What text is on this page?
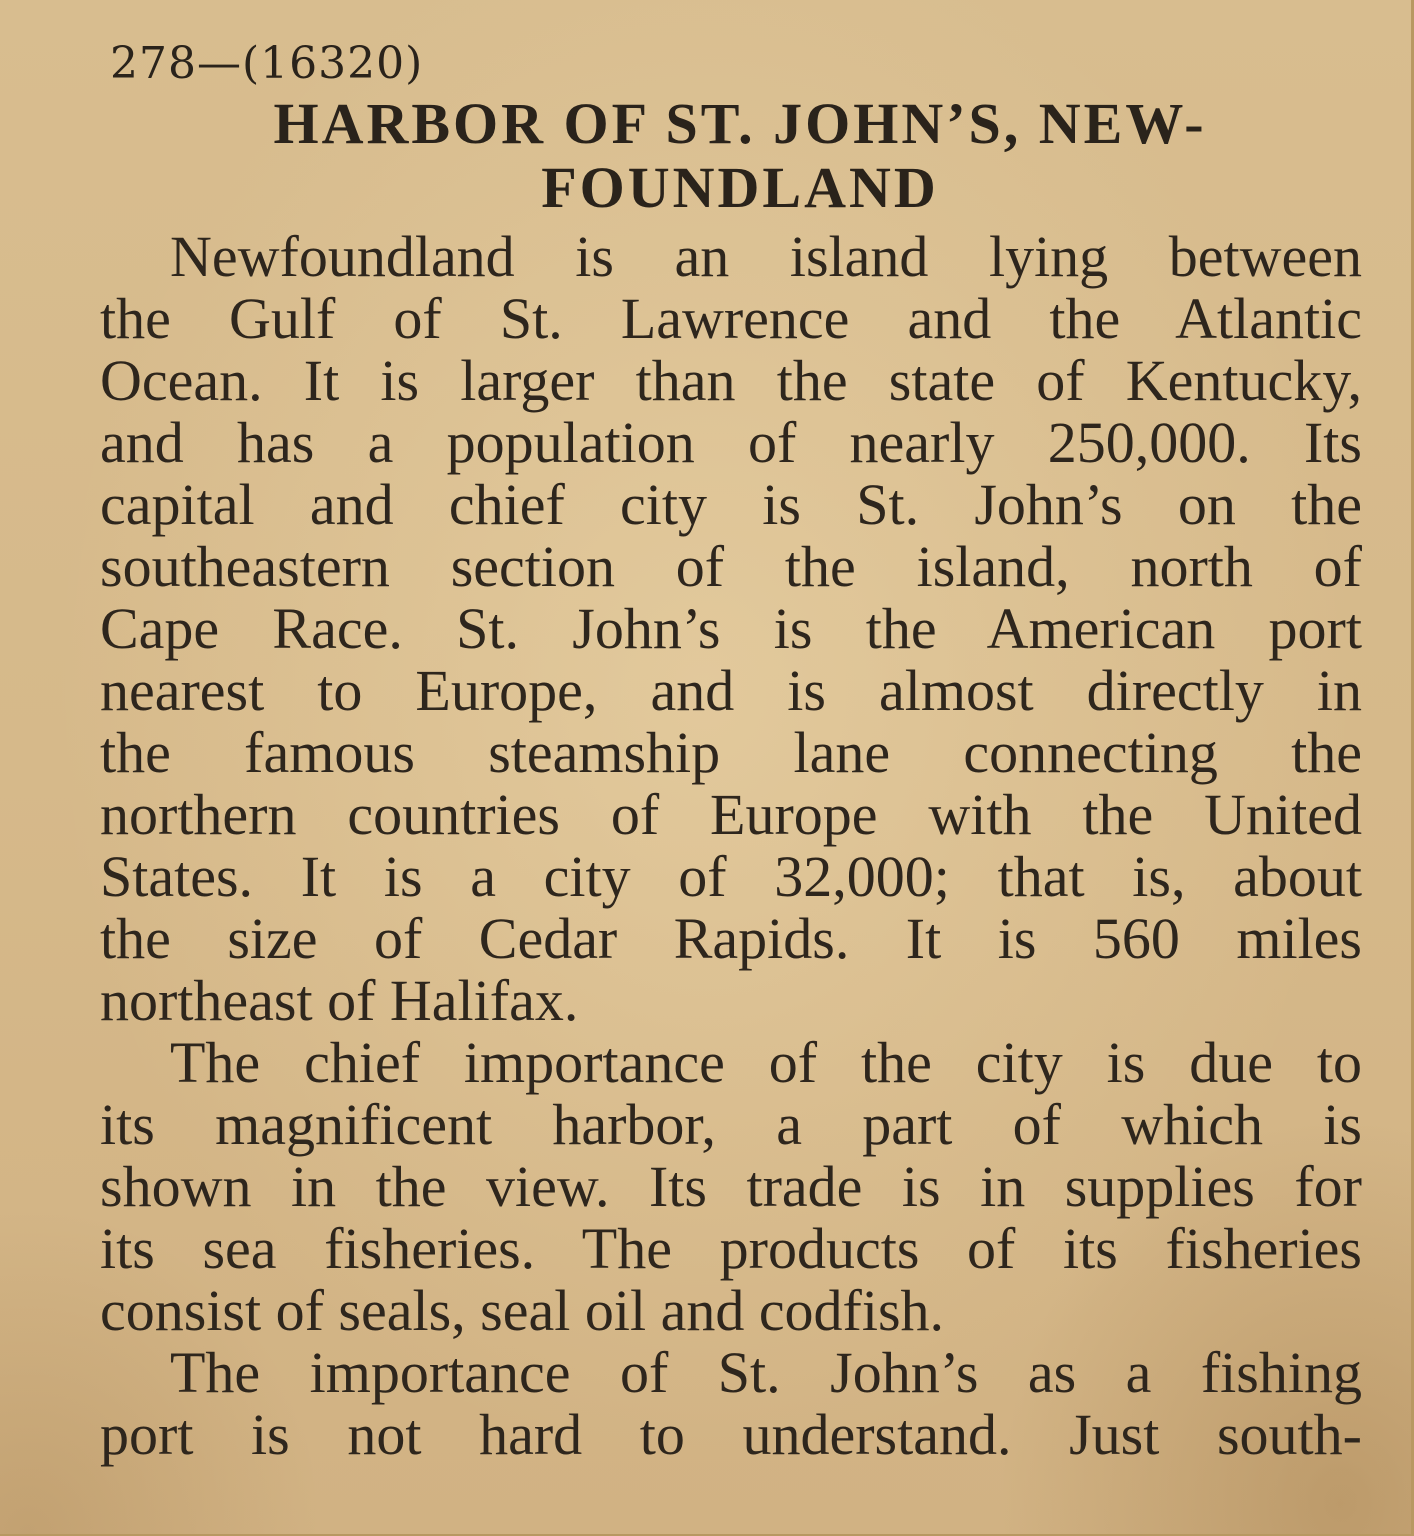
278—(16320)
HARBOR OF ST. JOHN’S, NEW-
FOUNDLAND
Newfoundland is an island lying between
the Gulf of St. Lawrence and the Atlantic
Ocean. It is larger than the state of Kentucky,
and has a population of nearly 250,000. Its
capital and chief city is St. John’s on the
southeastern section of the island, north of
Cape Race. St. John’s is the American port
nearest to Europe, and is almost directly in
the famous steamship lane connecting the
northern countries of Europe with the United
States. It is a city of 32,000; that is, about
the size of Cedar Rapids. It is 560 miles
northeast of Halifax.
The chief importance of the city is due to
its magnificent harbor, a part of which is
shown in the view. Its trade is in supplies for
its sea fisheries. The products of its fisheries
consist of seals, seal oil and codfish.
The importance of St. John’s as a fishing
port is not hard to understand. Just south-
